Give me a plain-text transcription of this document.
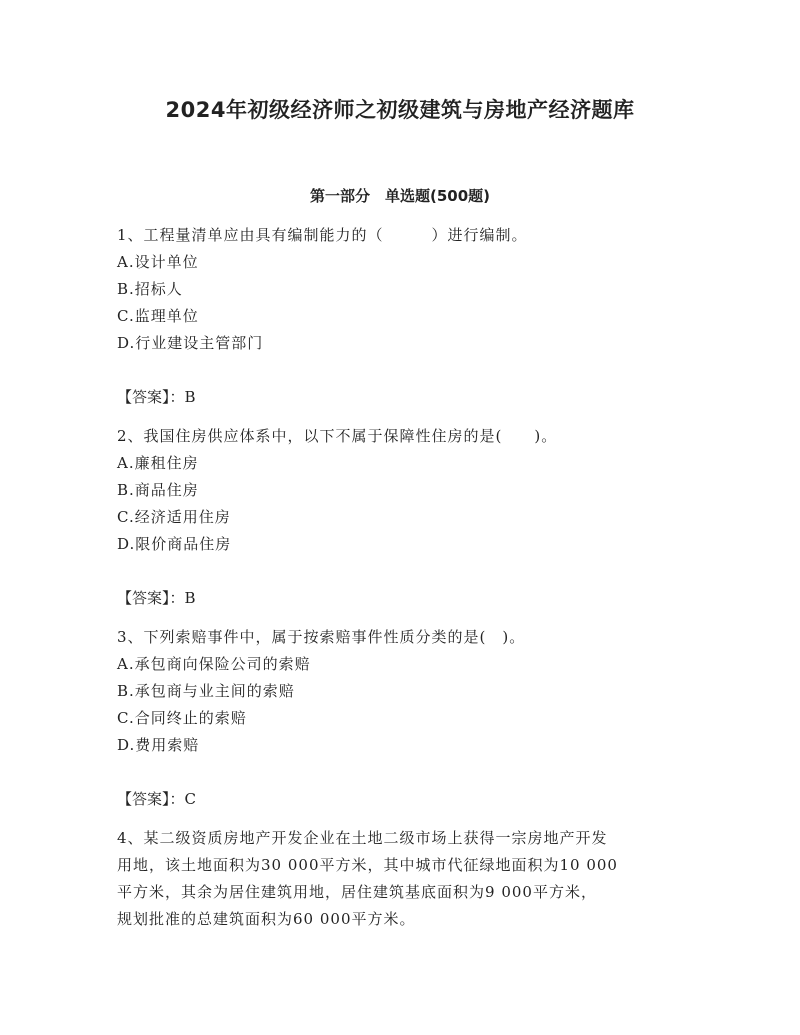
2024年初级经济师之初级建筑与房地产经济题库
第一部分　单选题(500题)

1、工程量清单应由具有编制能力的（　　　）进行编制。

A.设计单位

B.招标人

C.监理单位

D.行业建设主管部门

【答案】：B

2、我国住房供应体系中，以下不属于保障性住房的是(　　)。

A.廉租住房

B.商品住房

C.经济适用住房

D.限价商品住房

【答案】：B

3、下列索赔事件中，属于按索赔事件性质分类的是(　)。

A.承包商向保险公司的索赔

B.承包商与业主间的索赔

C.合同终止的索赔

D.费用索赔

【答案】：C

4、某二级资质房地产开发企业在土地二级市场上获得一宗房地产开发

用地，该土地面积为30 000平方米，其中城市代征绿地面积为10 000

平方米，其余为居住建筑用地，居住建筑基底面积为9 000平方米，

规划批准的总建筑面积为60 000平方米。
